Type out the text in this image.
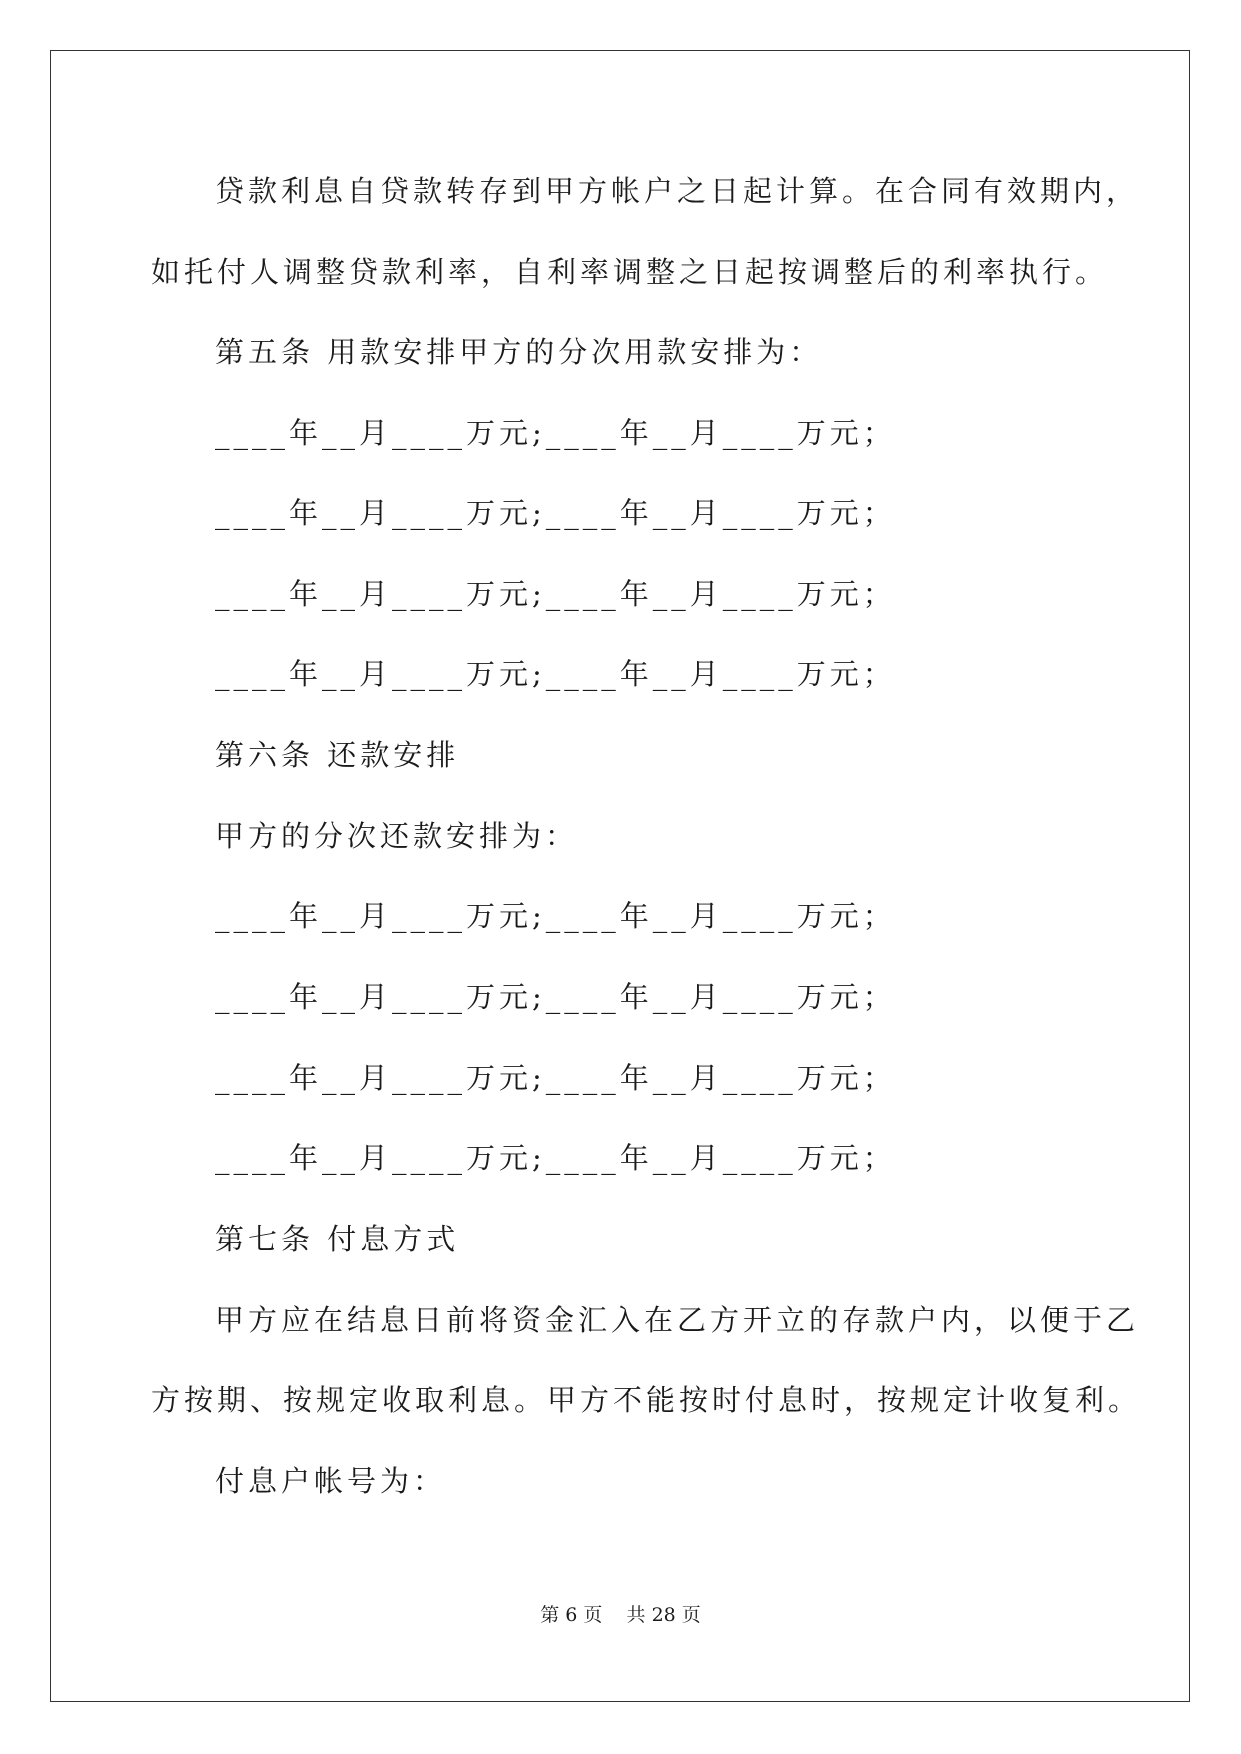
贷款利息自贷款转存到甲方帐户之日起计算。在合同有效期内，
如托付人调整贷款利率，自利率调整之日起按调整后的利率执行。
第五条 用款安排甲方的分次用款安排为：
____年__月____万元;____年__月____万元；
____年__月____万元;____年__月____万元；
____年__月____万元;____年__月____万元；
____年__月____万元;____年__月____万元；
第六条 还款安排
甲方的分次还款安排为：
____年__月____万元;____年__月____万元；
____年__月____万元;____年__月____万元；
____年__月____万元;____年__月____万元；
____年__月____万元;____年__月____万元；
第七条 付息方式
甲方应在结息日前将资金汇入在乙方开立的存款户内，以便于乙
方按期、按规定收取利息。甲方不能按时付息时，按规定计收复利。
付息户帐号为：
第 6 页    共 28 页
